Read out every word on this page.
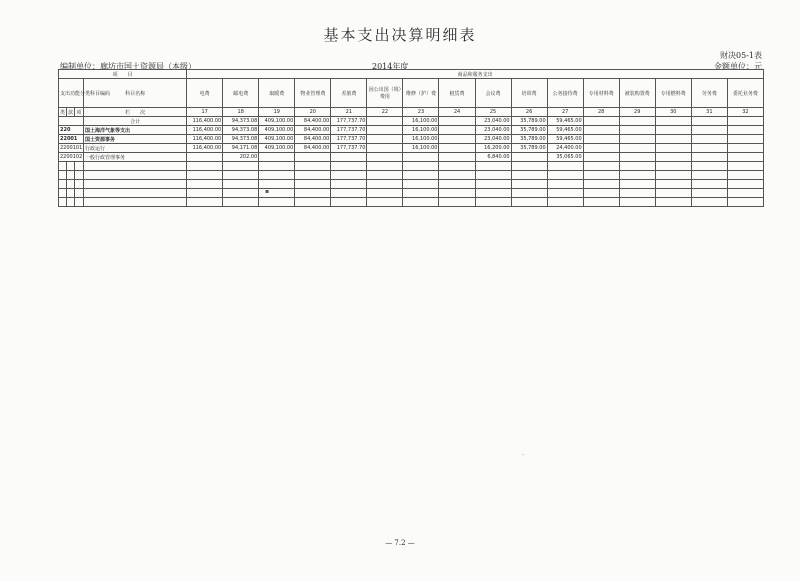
基本支出决算明细表
财决05-1表
编制单位：廊坊市国土资源局（本级）	2014年度	金额单位：元
项　　目				商品和服务支出															
支出功能分类科目编码			科目名称	电费	邮电费	取暖费	物业管理费	差旅费	因公出国（境）费用	维修（护）费	租赁费	会议费	培训费	公务接待费	专用材料费	被装购置费	专用燃料费	劳务费	委托业务费
类	款	项	栏　　次	17	18	19	20	21	22	23	24	25	26	27	28	29	30	31	32
			合计	116,400.00	94,373.08	409,100.00	84,400.00	177,737.70		16,100.00		23,040.00	35,789.00	59,465.00					
220			国土海洋气象等支出	116,400.00	94,373.08	409,100.00	84,400.00	177,737.70		16,100.00		23,040.00	35,789.00	59,465.00					
22001			国土资源事务	116,400.00	94,373.08	409,100.00	84,400.00	177,737.70		16,100.00		23,040.00	35,789.00	59,465.00					
2200101			行政运行	116,400.00	94,171.08	409,100.00	84,400.00	177,737.70		16,100.00		16,200.00	35,789.00	24,400.00					
2200102			一般行政管理事务		202.00							6,840.00		35,065.00					

▪
·
— 7.2 —
